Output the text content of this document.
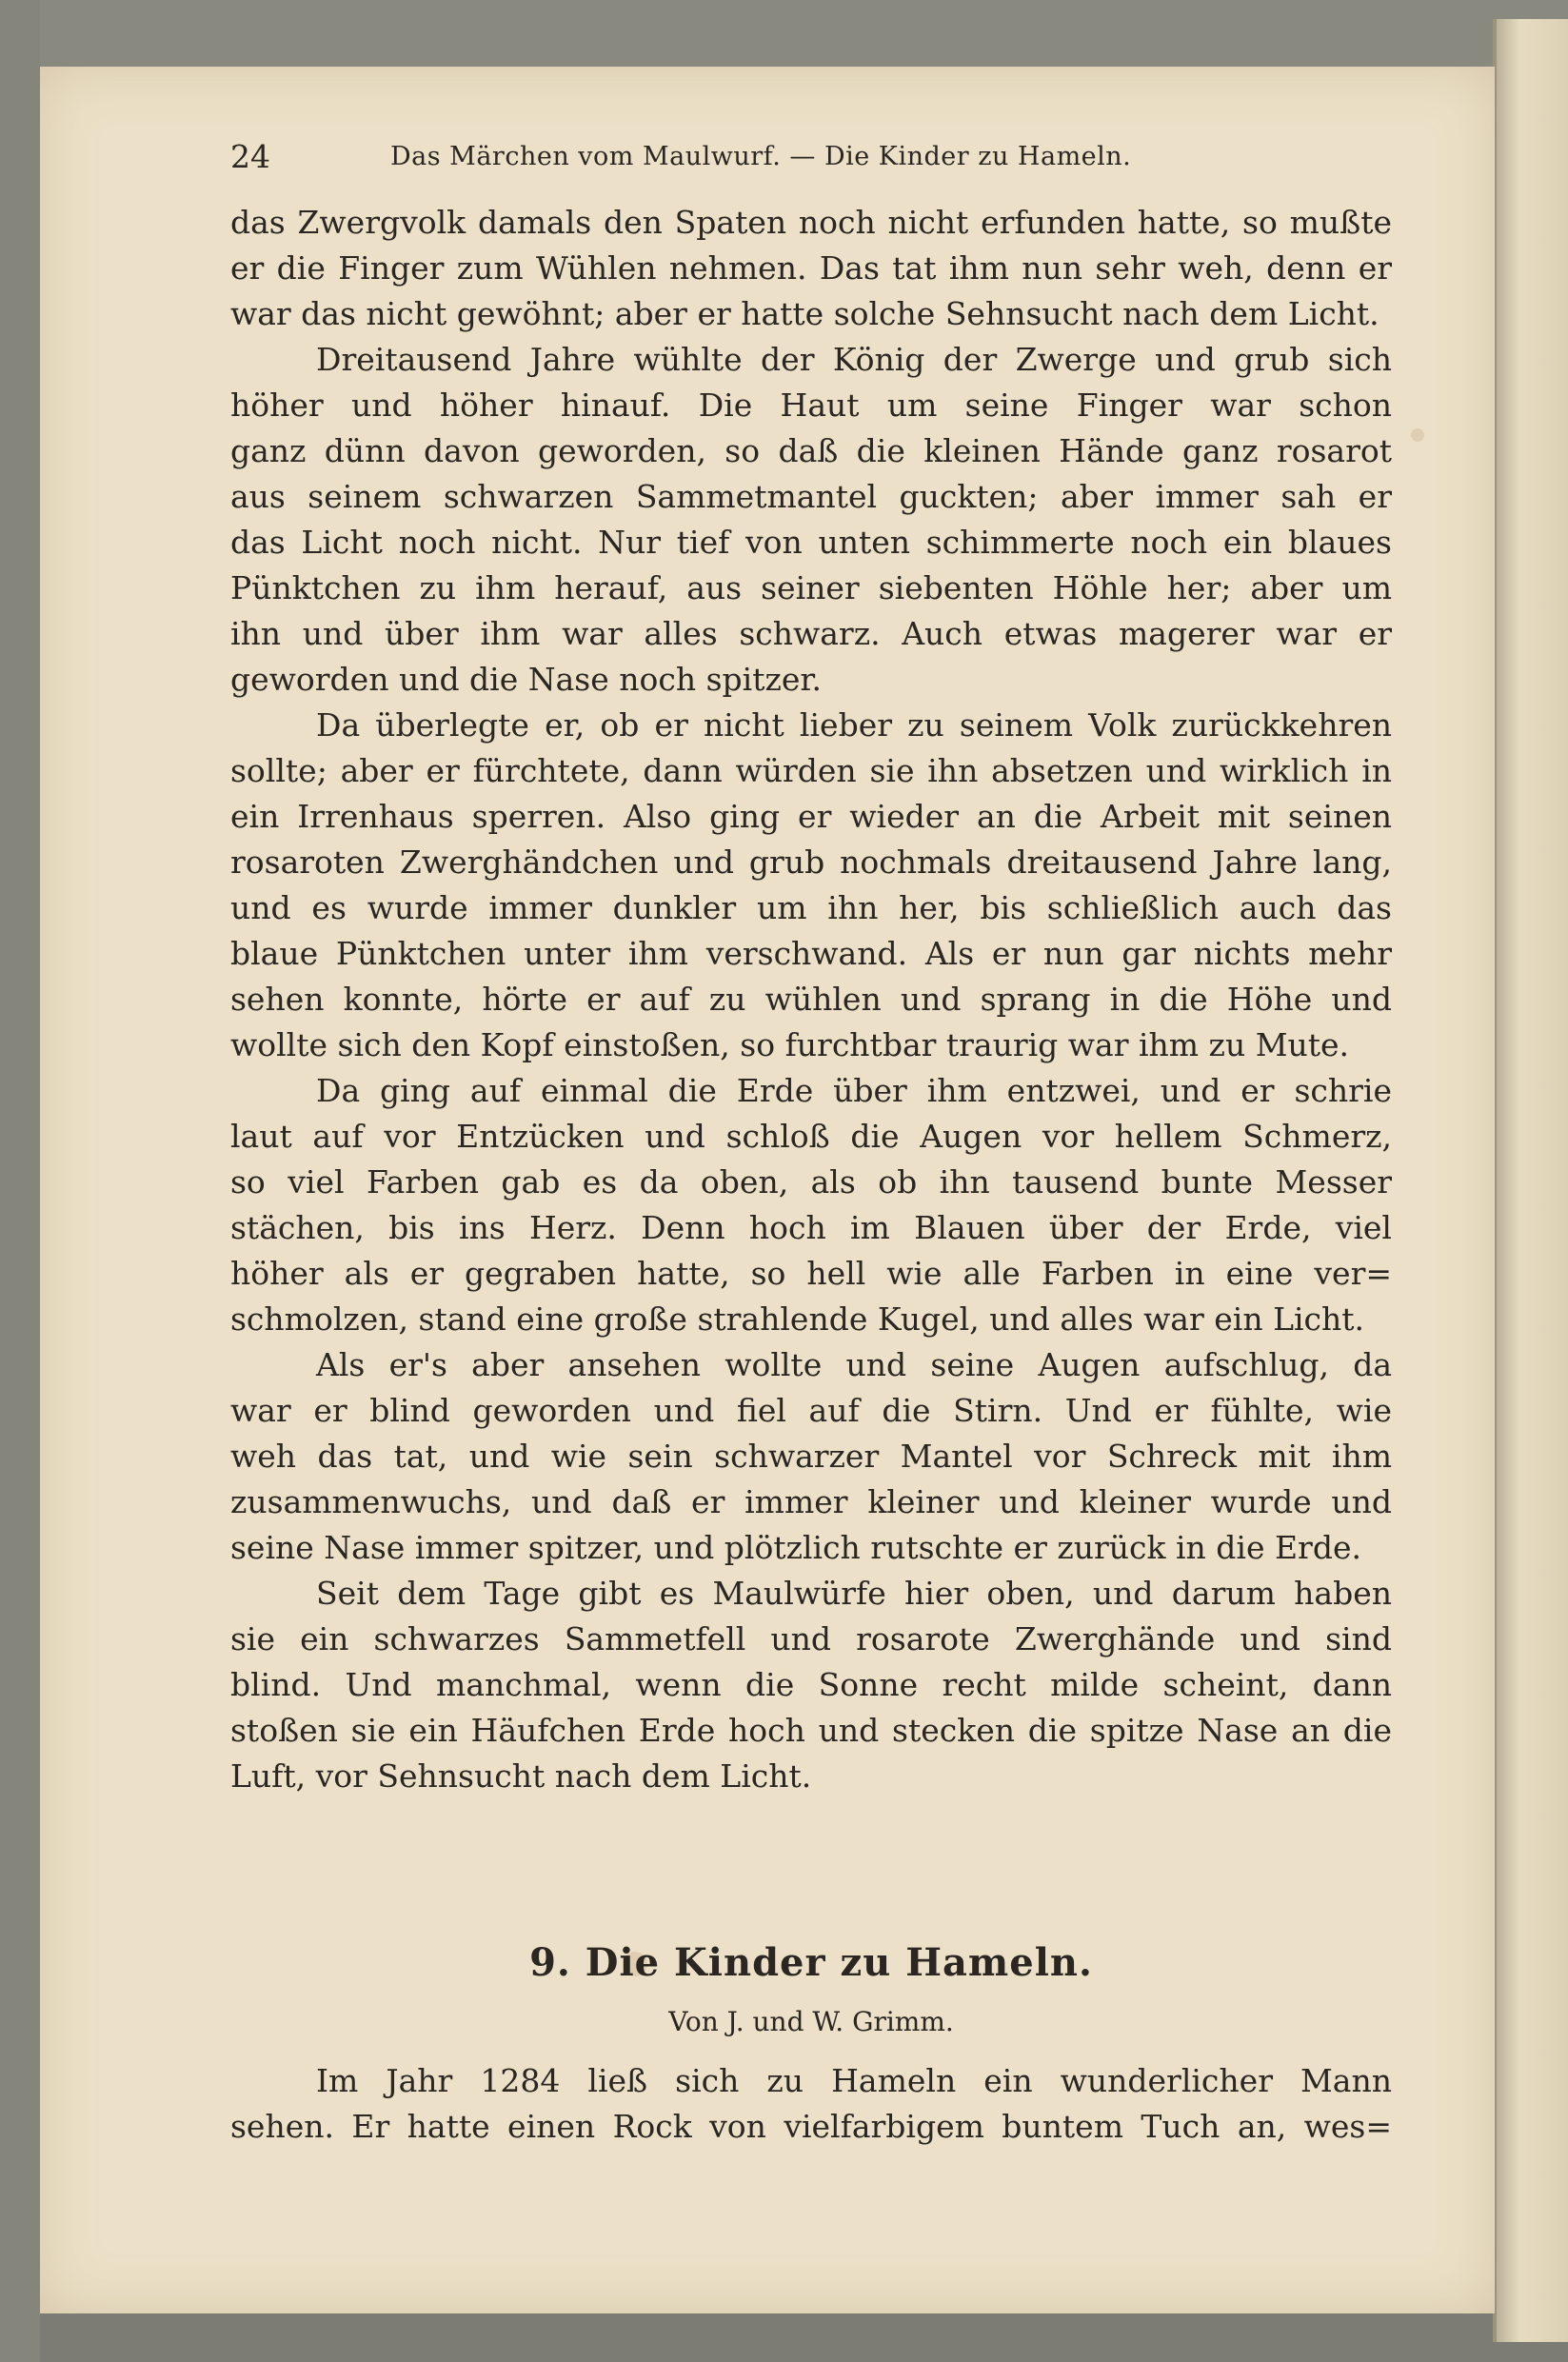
24	Das Märchen vom Maulwurf. — Die Kinder zu Hameln.
das Zwergvolk damals den Spaten noch nicht erfunden hatte, so mußte
er die Finger zum Wühlen nehmen. Das tat ihm nun sehr weh, denn er
war das nicht gewöhnt; aber er hatte solche Sehnsucht nach dem Licht.
Dreitausend Jahre wühlte der König der Zwerge und grub sich
höher und höher hinauf. Die Haut um seine Finger war schon
ganz dünn davon geworden, so daß die kleinen Hände ganz rosarot
aus seinem schwarzen Sammetmantel guckten; aber immer sah er
das Licht noch nicht. Nur tief von unten schimmerte noch ein blaues
Pünktchen zu ihm herauf, aus seiner siebenten Höhle her; aber um
ihn und über ihm war alles schwarz. Auch etwas magerer war er
geworden und die Nase noch spitzer.
Da überlegte er, ob er nicht lieber zu seinem Volk zurückkehren
sollte; aber er fürchtete, dann würden sie ihn absetzen und wirklich in
ein Irrenhaus sperren. Also ging er wieder an die Arbeit mit seinen
rosaroten Zwerghändchen und grub nochmals dreitausend Jahre lang,
und es wurde immer dunkler um ihn her, bis schließlich auch das
blaue Pünktchen unter ihm verschwand. Als er nun gar nichts mehr
sehen konnte, hörte er auf zu wühlen und sprang in die Höhe und
wollte sich den Kopf einstoßen, so furchtbar traurig war ihm zu Mute.
Da ging auf einmal die Erde über ihm entzwei, und er schrie
laut auf vor Entzücken und schloß die Augen vor hellem Schmerz,
so viel Farben gab es da oben, als ob ihn tausend bunte Messer
stächen, bis ins Herz. Denn hoch im Blauen über der Erde, viel
höher als er gegraben hatte, so hell wie alle Farben in eine ver=
schmolzen, stand eine große strahlende Kugel, und alles war ein Licht.
Als er's aber ansehen wollte und seine Augen aufschlug, da
war er blind geworden und fiel auf die Stirn. Und er fühlte, wie
weh das tat, und wie sein schwarzer Mantel vor Schreck mit ihm
zusammenwuchs, und daß er immer kleiner und kleiner wurde und
seine Nase immer spitzer, und plötzlich rutschte er zurück in die Erde.
Seit dem Tage gibt es Maulwürfe hier oben, und darum haben
sie ein schwarzes Sammetfell und rosarote Zwerghände und sind
blind. Und manchmal, wenn die Sonne recht milde scheint, dann
stoßen sie ein Häufchen Erde hoch und stecken die spitze Nase an die
Luft, vor Sehnsucht nach dem Licht.
9. Die Kinder zu Hameln.
Von J. und W. Grimm.
Im Jahr 1284 ließ sich zu Hameln ein wunderlicher Mann
sehen. Er hatte einen Rock von vielfarbigem buntem Tuch an, wes=
